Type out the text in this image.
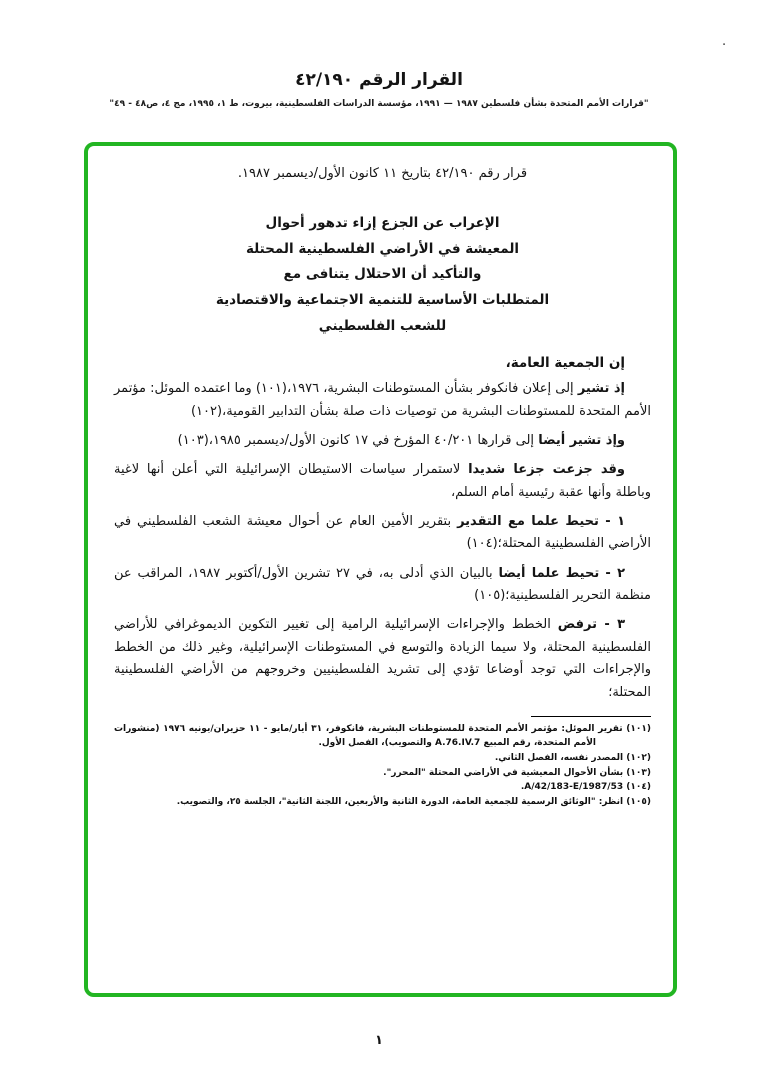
.
القرار الرقم ٤٢/١٩٠
"قرارات الأمم المتحدة بشأن فلسطين ١٩٨٧ — ١٩٩١، مؤسسة الدراسات الفلسطينية، بيروت، ط ١، ١٩٩٥، مج ٤، ص٤٨ - ٤٩"

قرار رقم ٤٢/١٩٠ بتاريخ ١١ كانون الأول/ديسمبر ١٩٨٧.

الإعراب عن الجزع إزاء تدهور أحوال
المعيشة في الأراضي الفلسطينية المحتلة
والتأكيد أن الاحتلال يتنافى مع
المتطلبات الأساسية للتنمية الاجتماعية والاقتصادية
للشعب الفلسطيني

إن الجمعية العامة،

إذ تشير إلى إعلان فانكوفر بشأن المستوطنات البشرية، ١٩٧٦،(١٠١) وما اعتمده الموئل: مؤتمر الأمم المتحدة للمستوطنات البشرية من توصيات ذات صلة بشأن التدابير القومية،(١٠٢)

وإذ تشير أيضا إلى قرارها ٤٠/٢٠١ المؤرخ في ١٧ كانون الأول/ديسمبر ١٩٨٥،(١٠٣)

وقد جزعت جزعا شديدا لاستمرار سياسات الاستيطان الإسرائيلية التي أعلن أنها لاغية وباطلة وأنها عقبة رئيسية أمام السلم،

١ - تحيط علما مع التقدير بتقرير الأمين العام عن أحوال معيشة الشعب الفلسطيني في الأراضي الفلسطينية المحتلة؛(١٠٤)

٢ - تحيط علما أيضا بالبيان الذي أدلى به، في ٢٧ تشرين الأول/أكتوبر ١٩٨٧، المراقب عن منظمة التحرير الفلسطينية؛(١٠٥)

٣ - ترفض الخطط والإجراءات الإسرائيلية الرامية إلى تغيير التكوين الديموغرافي للأراضي الفلسطينية المحتلة، ولا سيما الزيادة والتوسع في المستوطنات الإسرائيلية، وغير ذلك من الخطط والإجراءات التي توجد أوضاعا تؤدي إلى تشريد الفلسطينيين وخروجهم من الأراضي الفلسطينية المحتلة؛

(١٠١) تقرير الموئل: مؤتمر الأمم المتحدة للمستوطنات البشرية، فانكوفر، ٣١ أيار/مايو - ١١ حزيران/يونيه ١٩٧٦ (منشورات الأمم المتحدة، رقم المبيع A.76.IV.7 والتصويب)، الفصل الأول.
(١٠٢) المصدر نفسه، الفصل الثاني.
(١٠٣) بشأن الأحوال المعيشية في الأراضي المحتلة "المحرر".
(١٠٤) A/42/183-E/1987/53.
(١٠٥) انظر: "الوثائق الرسمية للجمعية العامة، الدورة الثانية والأربعين، اللجنة الثانية"، الجلسة ٢٥، والتصويب.
١
